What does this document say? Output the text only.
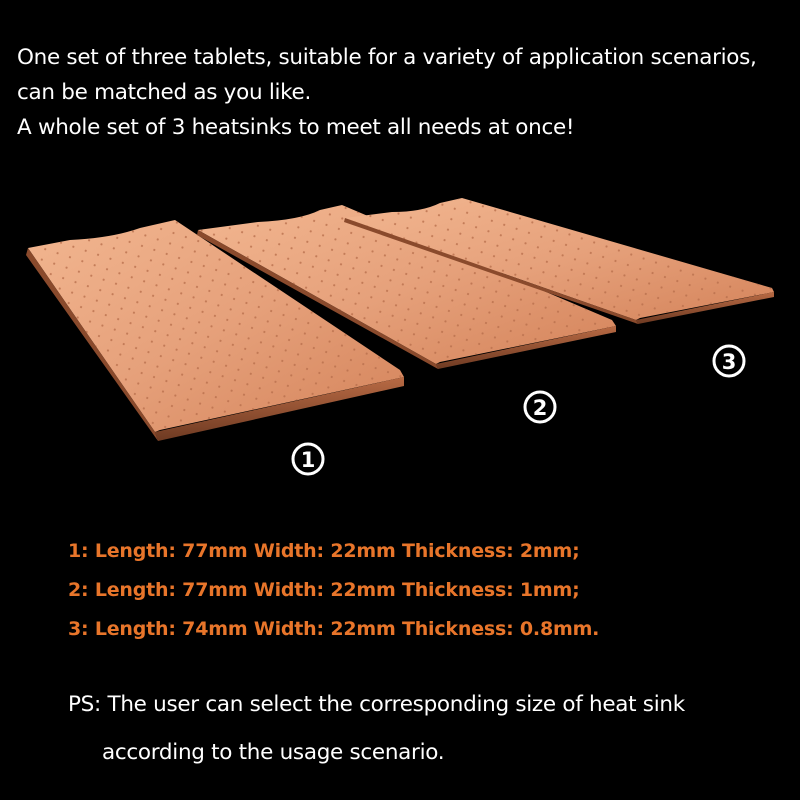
One set of three tablets, suitable for a variety of application scenarios,
can be matched as you like.
A whole set of 3 heatsinks to meet all needs at once!
1
2
3
1: Length: 77mm Width: 22mm Thickness: 2mm;
2: Length: 77mm Width: 22mm Thickness: 1mm;
3: Length: 74mm Width: 22mm Thickness: 0.8mm.
PS: The user can select the corresponding size of heat sink
according to the usage scenario.
